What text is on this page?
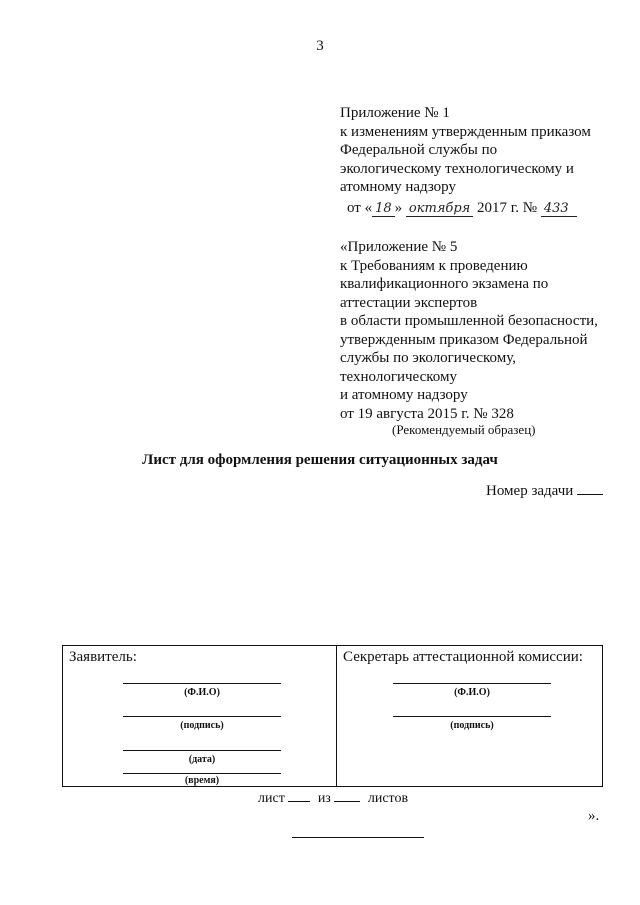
3
Приложение № 1
к изменениям утвержденным приказом
Федеральной службы по
экологическому технологическому и
атомному надзору
от « 18 » октября 2017 г. № 433
«Приложение № 5
к Требованиям к проведению
квалификационного экзамена по
аттестации экспертов
в области промышленной безопасности,
утвержденным приказом Федеральной
службы по экологическому,
технологическому
и атомному надзору
от 19 августа 2015 г. № 328
(Рекомендуемый образец)
Лист для оформления решения ситуационных задач
Номер задачи
Заявитель:
(Ф.И.О)
(подпись)
(дата)
(время)
Секретарь аттестационной комиссии:
(Ф.И.О)
(подпись)
лист из	листов
».
